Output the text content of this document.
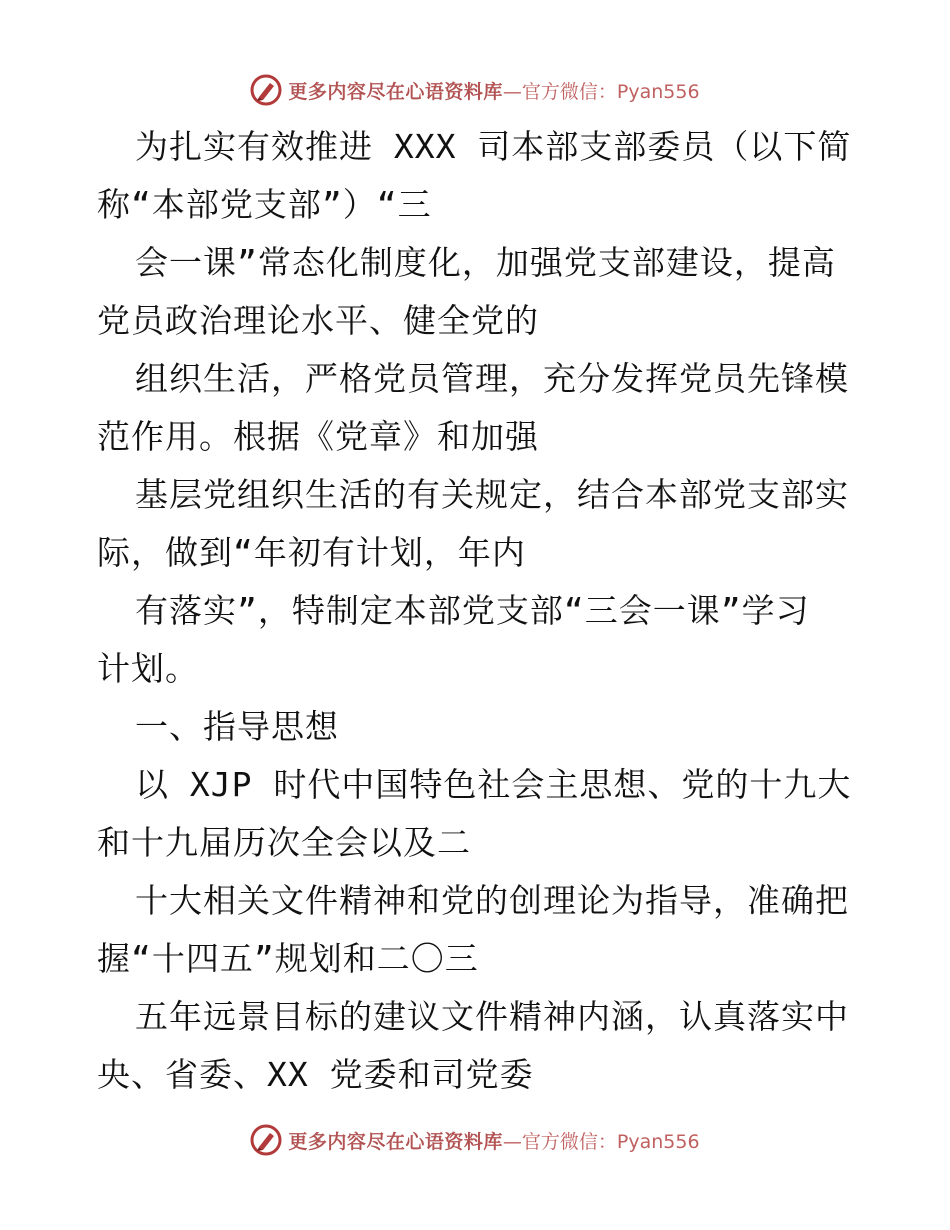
更多内容尽在心语资料库 —官方微信：Pyan556
为扎实有效推进 XXX 司本部支部委员（以下简
称“本部党支部”）“三
会一课”常态化制度化，加强党支部建设，提高
党员政治理论水平、健全党的
组织生活，严格党员管理，充分发挥党员先锋模
范作用。根据《党章》和加强
基层党组织生活的有关规定，结合本部党支部实
际，做到“年初有计划，年内
有落实”，特制定本部党支部“三会一课”学习
计划。
一、指导思想
以 XJP 时代中国特色社会主思想、党的十九大
和十九届历次全会以及二
十大相关文件精神和党的创理论为指导，准确把
握“十四五”规划和二〇三
五年远景目标的建议文件精神内涵，认真落实中
央、省委、XX 党委和司党委
更多内容尽在心语资料库 —官方微信：Pyan556
